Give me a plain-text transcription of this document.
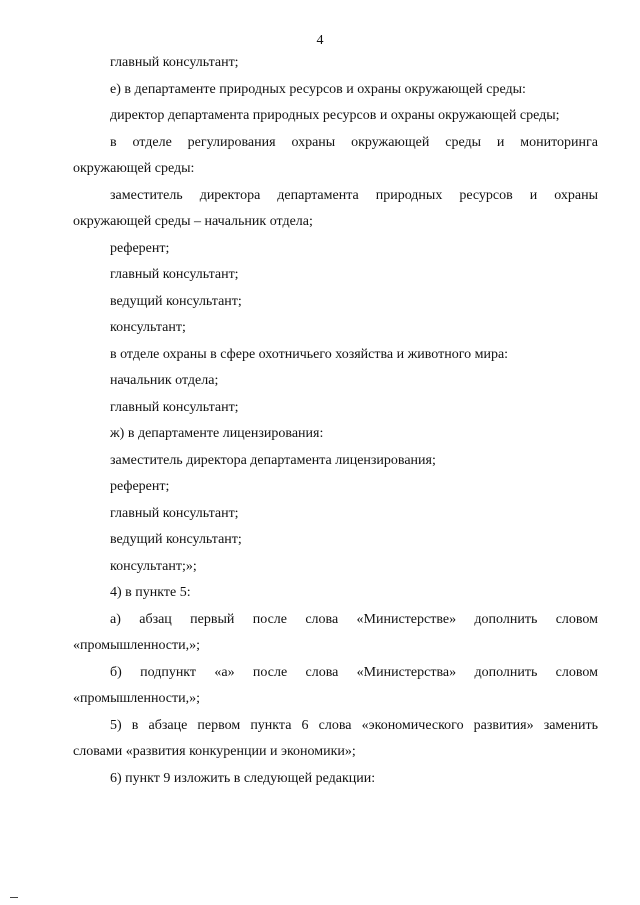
4
главный консультант;
е) в департаменте природных ресурсов и охраны окружающей среды:
директор департамента природных ресурсов и охраны окружающей среды;
в отделе регулирования охраны окружающей среды и мониторинга
окружающей среды:
заместитель директора департамента природных ресурсов и охраны
окружающей среды – начальник отдела;
референт;
главный консультант;
ведущий консультант;
консультант;
в отделе охраны в сфере охотничьего хозяйства и животного мира:
начальник отдела;
главный консультант;
ж) в департаменте лицензирования:
заместитель директора департамента лицензирования;
референт;
главный консультант;
ведущий консультант;
консультант;»;
4) в пункте 5:
а) абзац первый после слова «Министерстве» дополнить словом
«промышленности,»;
б) подпункт «а» после слова «Министерства» дополнить словом
«промышленности,»;
5) в абзаце первом пункта 6 слова «экономического развития» заменить
словами «развития конкуренции и экономики»;
6) пункт 9 изложить в следующей редакции:
